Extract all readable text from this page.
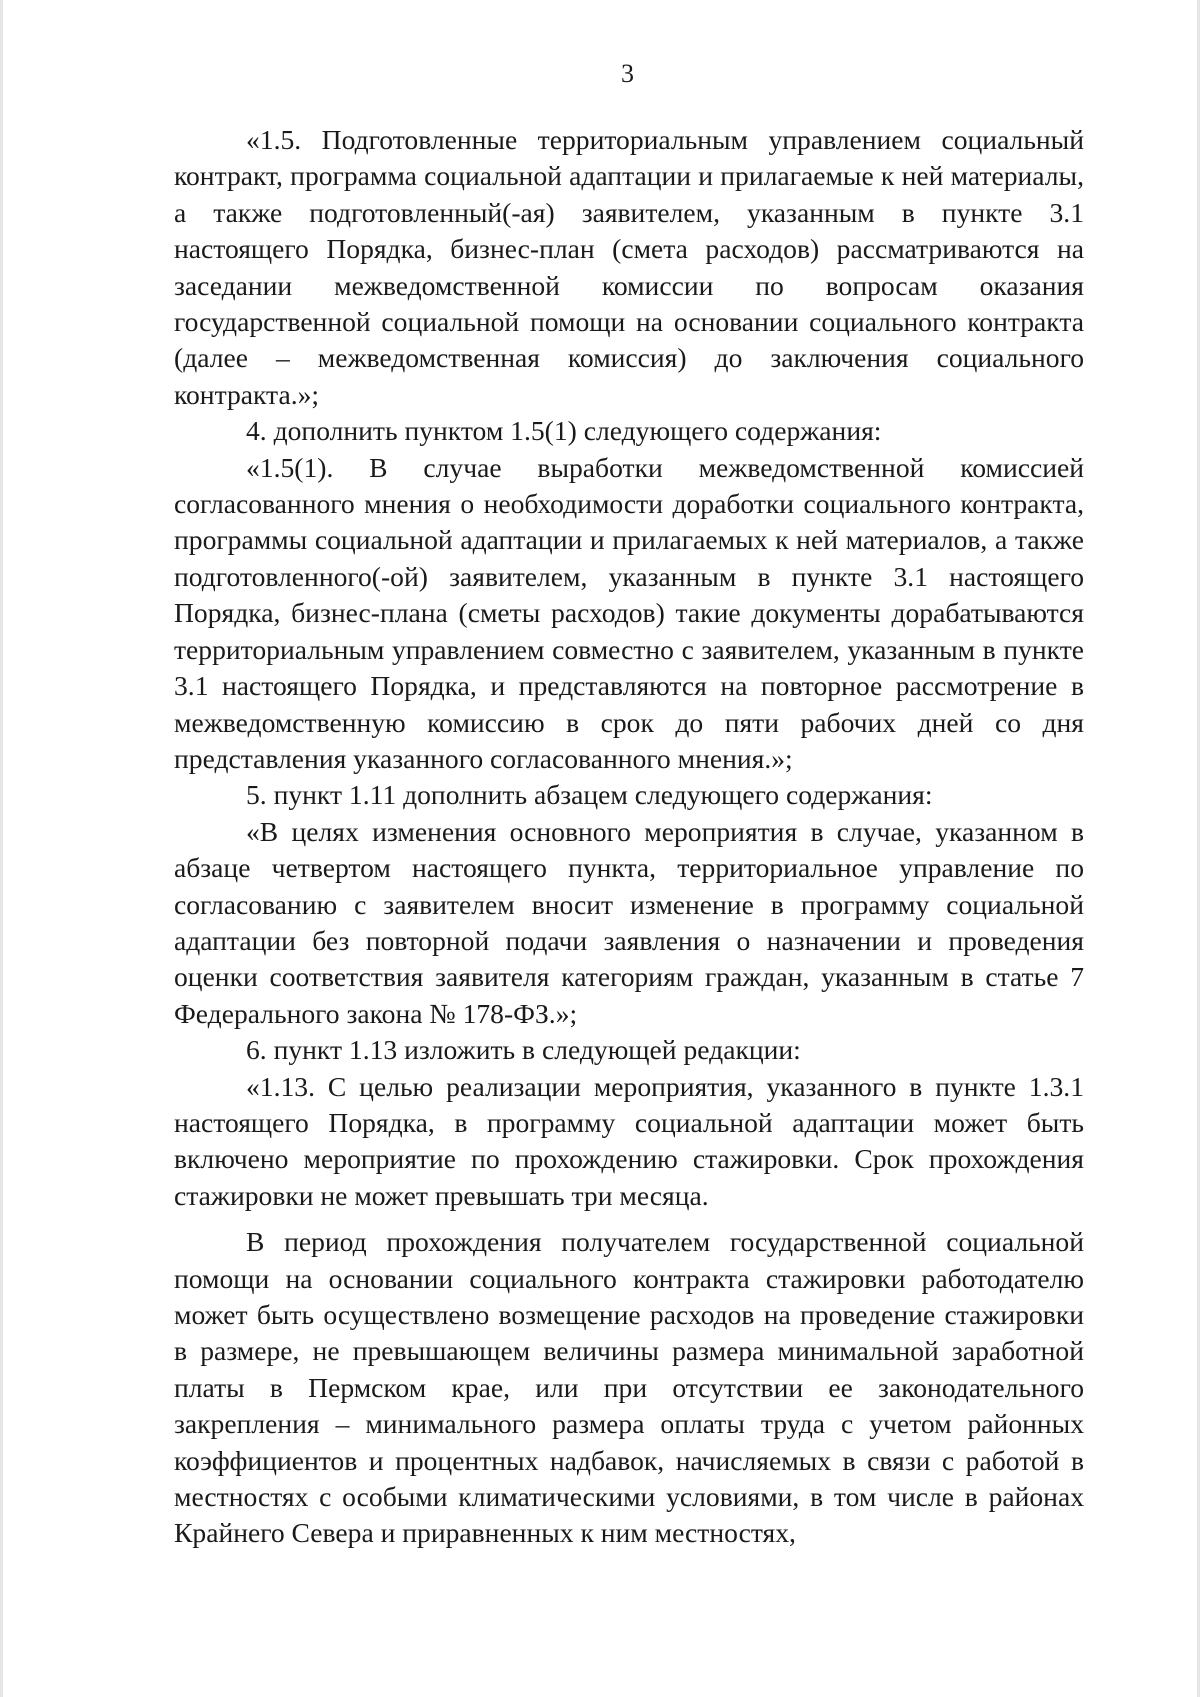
3

«1.5. Подготовленные территориальным управлением социальный контракт, программа социальной адаптации и прилагаемые к ней материалы, а также подготовленный(-ая) заявителем, указанным в пункте 3.1 настоящего Порядка, бизнес-план (смета расходов) рассматриваются на заседании межведомственной комиссии по вопросам оказания государственной социальной помощи на основании социального контракта (далее – межведомственная комиссия) до заключения социального контракта.»;

4. дополнить пунктом 1.5(1) следующего содержания:

«1.5(1). В случае выработки межведомственной комиссией согласованного мнения о необходимости доработки социального контракта, программы социальной адаптации и прилагаемых к ней материалов, а также подготовленного(-ой) заявителем, указанным в пункте 3.1 настоящего Порядка, бизнес-плана (сметы расходов) такие документы дорабатываются территориальным управлением совместно с заявителем, указанным в пункте 3.1 настоящего Порядка, и представляются на повторное рассмотрение в межведомственную комиссию в срок до пяти рабочих дней со дня представления указанного согласованного мнения.»;

5. пункт 1.11 дополнить абзацем следующего содержания:

«В целях изменения основного мероприятия в случае, указанном в абзаце четвертом настоящего пункта, территориальное управление по согласованию с заявителем вносит изменение в программу социальной адаптации без повторной подачи заявления о назначении и проведения оценки соответствия заявителя категориям граждан, указанным в статье 7 Федерального закона № 178-ФЗ.»;

6. пункт 1.13 изложить в следующей редакции:

«1.13. С целью реализации мероприятия, указанного в пункте 1.3.1 настоящего Порядка, в программу социальной адаптации может быть включено мероприятие по прохождению стажировки. Срок прохождения стажировки не может превышать три месяца.

В период прохождения получателем государственной социальной помощи на основании социального контракта стажировки работодателю может быть осуществлено возмещение расходов на проведение стажировки в размере, не превышающем величины размера минимальной заработной платы в Пермском крае, или при отсутствии ее законодательного закрепления – минимального размера оплаты труда с учетом районных коэффициентов и процентных надбавок, начисляемых в связи с работой в местностях с особыми климатическими условиями, в том числе в районах Крайнего Севера и приравненных к ним местностях,
